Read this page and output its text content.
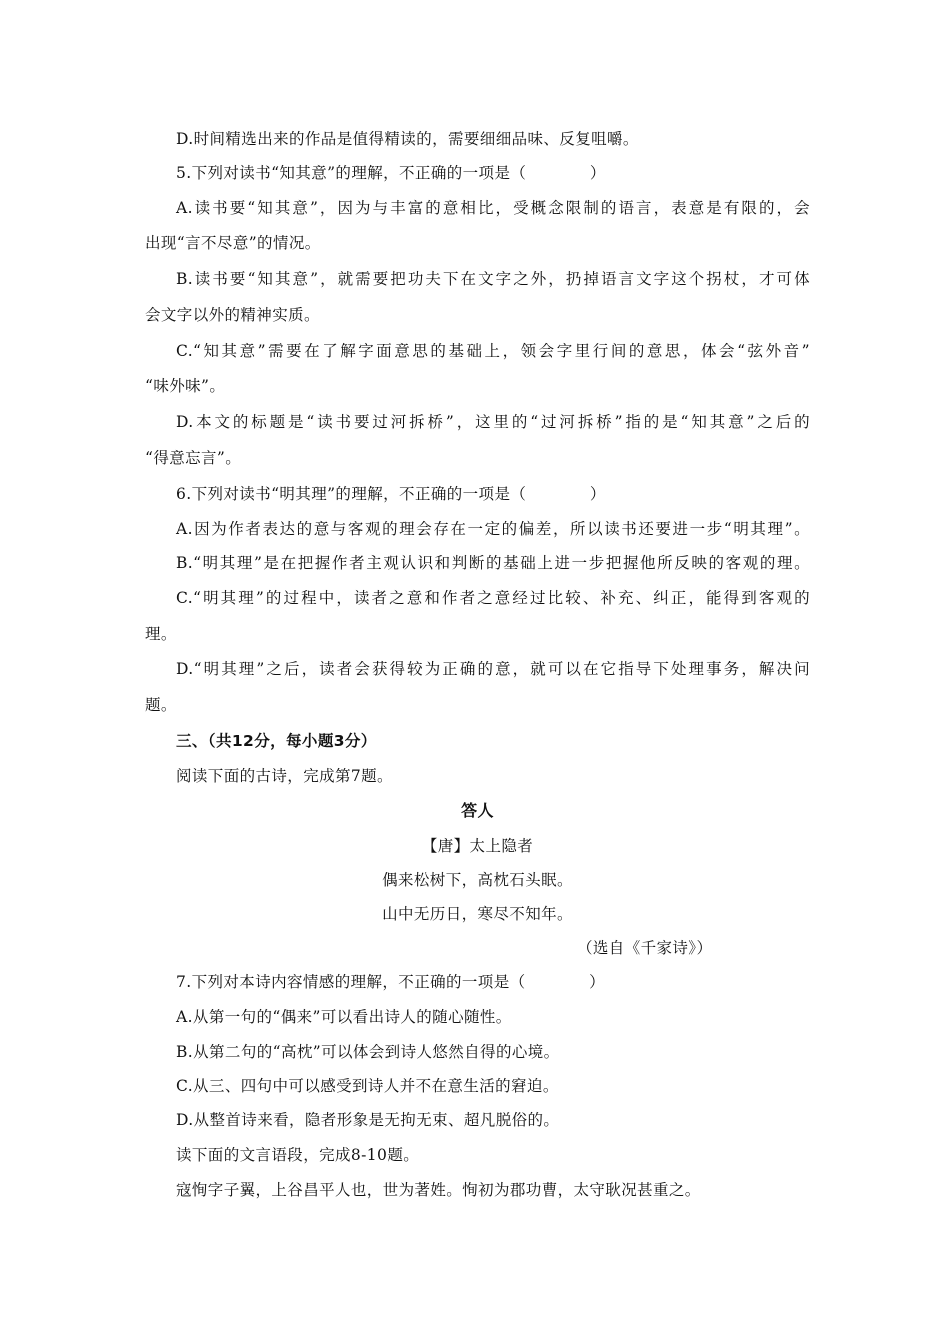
D.时间精选出来的作品是值得精读的，需要细细品味、反复咀嚼。
5.下列对读书“知其意”的理解，不正确的一项是（　　　　）
A.读书要“知其意”，因为与丰富的意相比，受概念限制的语言，表意是有限的，会
出现“言不尽意”的情况。
B.读书要“知其意”，就需要把功夫下在文字之外，扔掉语言文字这个拐杖，才可体
会文字以外的精神实质。
C.“知其意”需要在了解字面意思的基础上，领会字里行间的意思，体会“弦外音”
“味外味”。
D.本文的标题是“读书要过河拆桥”，这里的“过河拆桥”指的是“知其意”之后的
“得意忘言”。
6.下列对读书“明其理”的理解，不正确的一项是（　　　　）
A.因为作者表达的意与客观的理会存在一定的偏差，所以读书还要进一步“明其理”。
B.“明其理”是在把握作者主观认识和判断的基础上进一步把握他所反映的客观的理。
C.“明其理”的过程中，读者之意和作者之意经过比较、补充、纠正，能得到客观的
理。
D.“明其理”之后，读者会获得较为正确的意，就可以在它指导下处理事务，解决问
题。
三、（共12分，每小题3分）
阅读下面的古诗，完成第7题。
答人
【唐】太上隐者
偶来松树下，高枕石头眠。
山中无历日，寒尽不知年。
（选自《千家诗》）
7.下列对本诗内容情感的理解，不正确的一项是（　　　　）
A.从第一句的“偶来”可以看出诗人的随心随性。
B.从第二句的“高枕”可以体会到诗人悠然自得的心境。
C.从三、四句中可以感受到诗人并不在意生活的窘迫。
D.从整首诗来看，隐者形象是无拘无束、超凡脱俗的。
读下面的文言语段，完成8-10题。
寇恂字子翼，上谷昌平人也，世为著姓。恂初为郡功曹，太守耿况甚重之。
